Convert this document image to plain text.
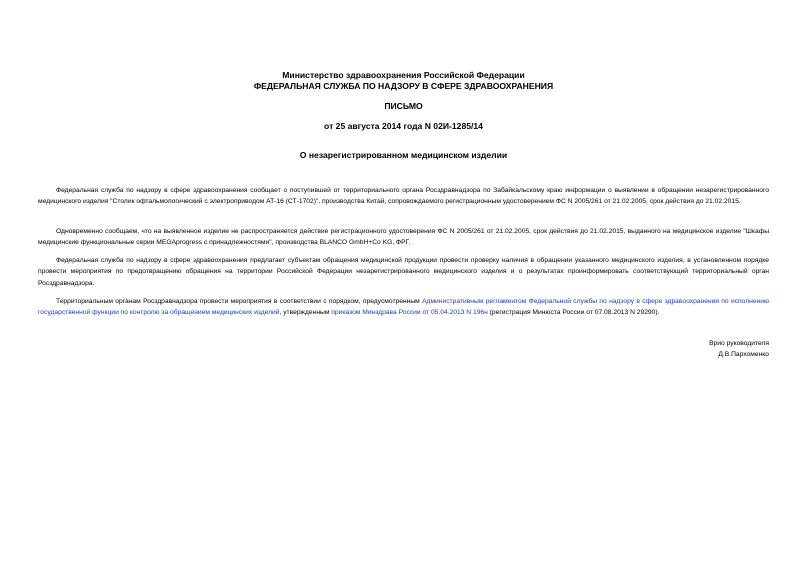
Министерство здравоохранения Российской Федерации
ФЕДЕРАЛЬНАЯ СЛУЖБА ПО НАДЗОРУ В СФЕРЕ ЗДРАВООХРАНЕНИЯ
ПИСЬМО
от 25 августа 2014 года N 02И-1285/14
О незарегистрированном медицинском изделии

Федеральная служба по надзору в сфере здравоохранения сообщает о поступившей от территориального органа Росздравнадзора по Забайкальскому краю информации о выявлении в обращении незарегистрированного медицинского изделия "Столик офтальмологический с электроприводом АТ-16 (СТ-1702)", производства Китай, сопровождаемого регистрационным удостоверением ФС N 2005/261 от 21.02.2005, срок действия до 21.02.2015.

Одновременно сообщаем, что на выявленное изделие не распространяется действие регистрационного удостоверения ФС N 2005/261 от 21.02.2005, срок действия до 21.02.2015, выданного на медицинское изделие "Шкафы медицинские функциональные серии MEGAprogress с принадлежностями", производства BLANCO GmbH+Co KG, ФРГ.

Федеральная служба по надзору в сфере здравоохранения предлагает субъектам обращения медицинской продукции провести проверку наличия в обращении указанного медицинского изделия, в установленном порядке провести мероприятия по предотвращению обращения на территории Российской Федерации незарегистрированного медицинского изделия и о результатах проинформировать соответствующий территориальный орган Росздравнадзора.

Территориальным органам Росздравнадзора провести мероприятия в соответствии с порядком, предусмотренным Административным регламентом Федеральной службы по надзору в сфере здравоохранения по исполнению государственной функции по контролю за обращением медицинских изделий, утвержденным приказом Минздрава России от 05.04.2013 N 196н (регистрация Минюста России от 07.08.2013 N 29290).

Врио руководителя
Д.В.Пархоменко
